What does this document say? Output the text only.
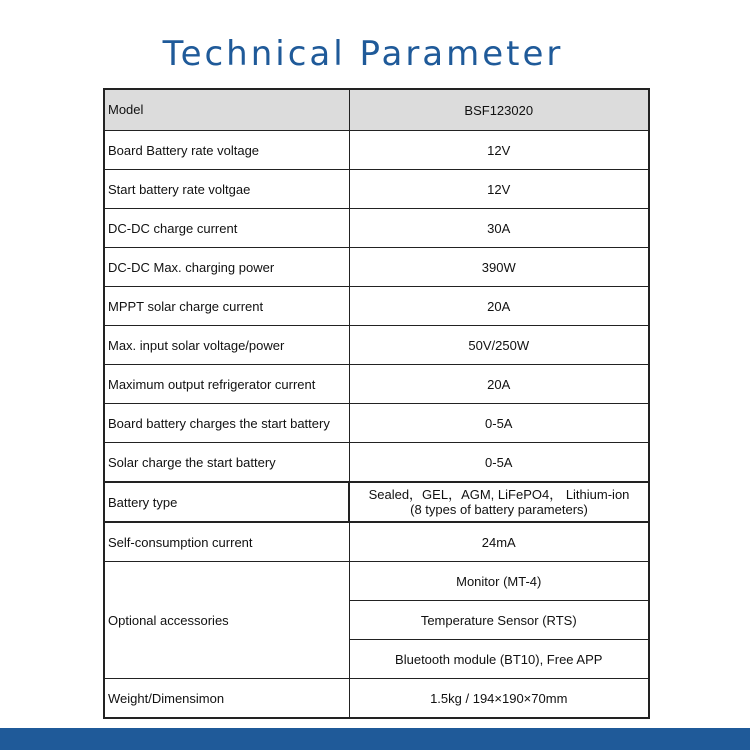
Technical Parameter
Model	BSF123020
Board Battery rate voltage	12V
Start battery rate voltgae	12V
DC-DC charge current	30A
DC-DC Max. charging power	390W
MPPT solar charge current	20A
Max. input solar voltage/power	50V/250W
Maximum output refrigerator current	20A
Board battery charges the start battery	0-5A
Solar charge the start battery	0-5A
Battery type	Sealed，GEL，AGM, LiFePO4， Lithium-ion
(8 types of battery parameters)

Self-consumption current	24mA
Optional accessories	Monitor (MT-4)
	Temperature Sensor (RTS)
	Bluetooth module (BT10), Free APP
Weight/Dimensimon	1.5kg / 194×190×70mm
